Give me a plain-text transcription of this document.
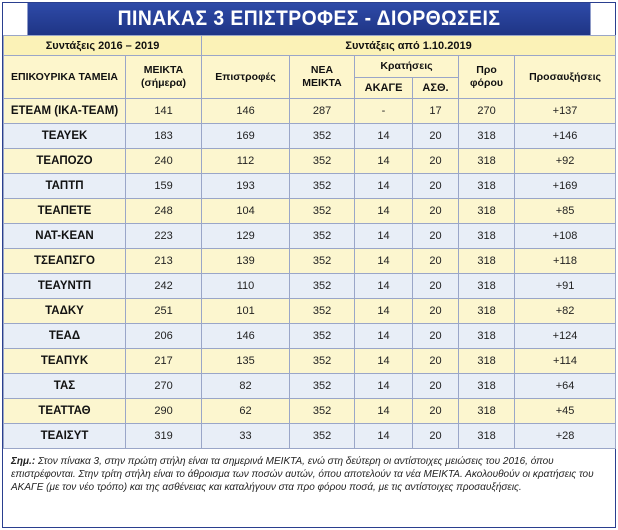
ΠΙΝΑΚΑΣ 3 ΕΠΙΣΤΡΟΦΕΣ - ΔΙΟΡΘΩΣΕΙΣ
Συντάξεις 2016 – 2019		Συντάξεις από 1.10.2019					
ΕΠΙΚΟΥΡΙΚΑ ΤΑΜΕΙΑ	ΜΕΙΚΤΑ (σήμερα)	Επιστροφές	ΝΕΑ ΜΕΙΚΤΑ	Κρατήσεις		Προ φόρου	Προσαυξήσεις
				ΑΚΑΓΕ	ΑΣΘ.		
ΕΤΕΑΜ (ΙΚΑ-ΤΕΑΜ)	141	146	287	-	17	270	+137
ΤΕΑΥΕΚ	183	169	352	14	20	318	+146
ΤΕΑΠΟΖΟ	240	112	352	14	20	318	+92
ΤΑΠΤΠ	159	193	352	14	20	318	+169
ΤΕΑΠΕΤΕ	248	104	352	14	20	318	+85
ΝΑΤ-ΚΕΑΝ	223	129	352	14	20	318	+108
ΤΣΕΑΠΣΓΟ	213	139	352	14	20	318	+118
ΤΕΑΥΝΤΠ	242	110	352	14	20	318	+91
ΤΑΔΚΥ	251	101	352	14	20	318	+82
ΤΕΑΔ	206	146	352	14	20	318	+124
ΤΕΑΠΥΚ	217	135	352	14	20	318	+114
ΤΑΣ	270	82	352	14	20	318	+64
ΤΕΑΤΤΑΘ	290	62	352	14	20	318	+45
ΤΕΑΙΣΥΤ	319	33	352	14	20	318	+28
Σημ.: Στον πίνακα 3, στην πρώτη στήλη είναι τα σημερινά ΜΕΙΚΤΑ, ενώ στη δεύτερη οι αντίστοιχες μειώσεις του 2016, όπου επιστρέφονται. Στην τρίτη στήλη είναι το άθροισμα των ποσών αυτών, όπου αποτελούν τα νέα ΜΕΙΚΤΑ. Ακολουθούν οι κρατήσεις του ΑΚΑΓΕ (με τον νέο τρόπο) και της ασθένειας και καταλήγουν στα προ φόρου ποσά, με τις αντίστοιχες προσαυξήσεις.
